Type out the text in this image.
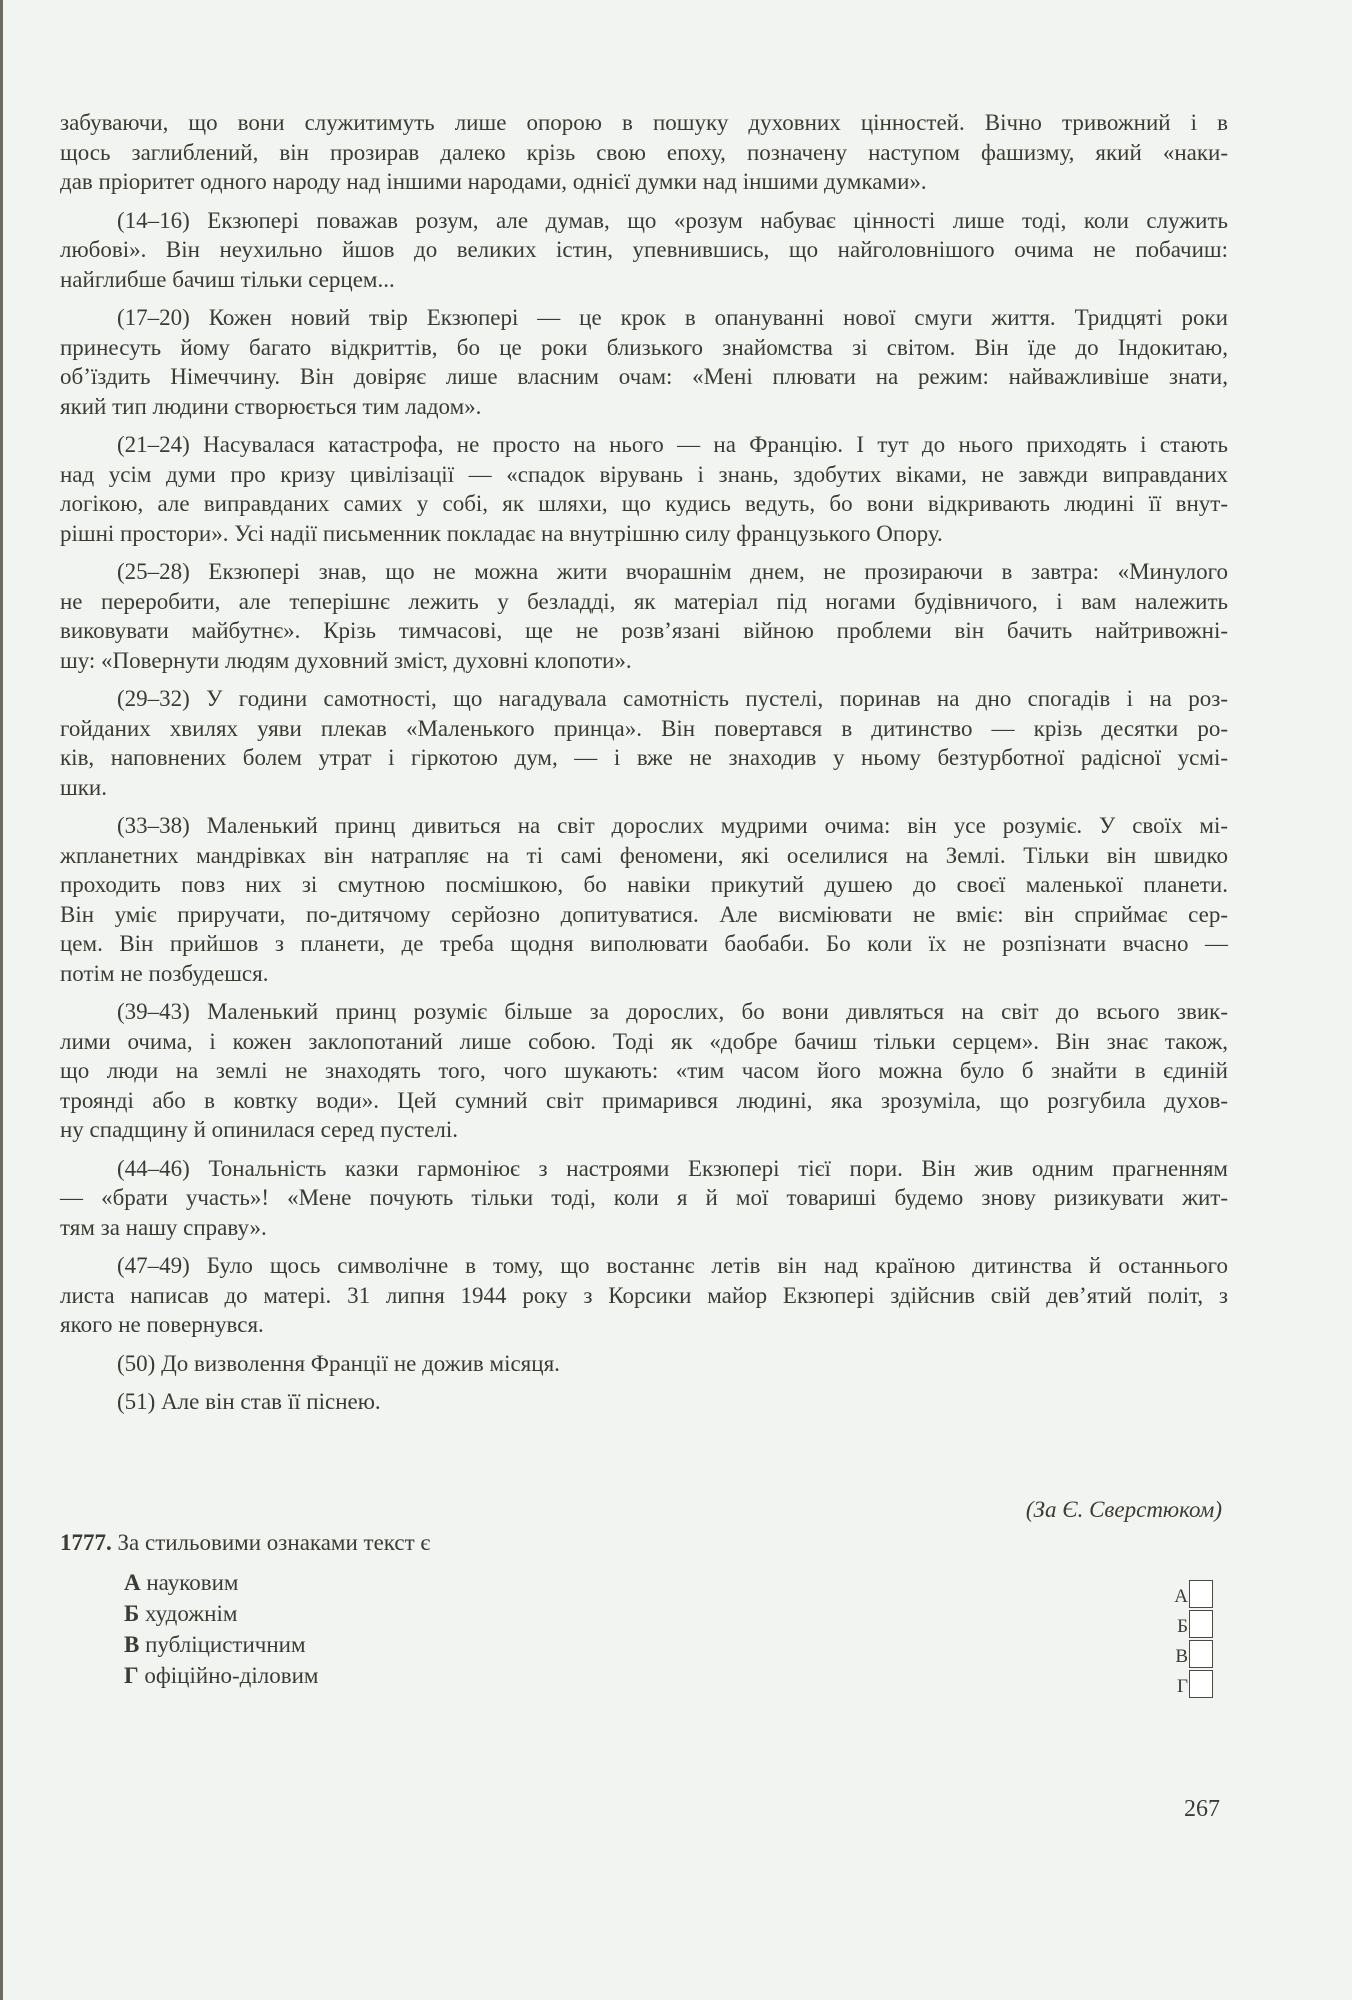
забуваючи, що вони служитимуть лише опорою в пошуку духовних цінностей. Вічно тривожний і в
щось заглиблений, він прозирав далеко крізь свою епоху, позначену наступом фашизму, який «наки-
дав пріоритет одного народу над іншими народами, однієї думки над іншими думками».
(14–16) Екзюпері поважав розум, але думав, що «розум набуває цінності лише тоді, коли служить
любові». Він неухильно йшов до великих істин, упевнившись, що найголовнішого очима не побачиш:
найглибше бачиш тільки серцем...
(17–20) Кожен новий твір Екзюпері — це крок в опануванні нової смуги життя. Тридцяті роки
принесуть йому багато відкриттів, бо це роки близького знайомства зі світом. Він їде до Індокитаю,
об’їздить Німеччину. Він довіряє лише власним очам: «Мені плювати на режим: найважливіше знати,
який тип людини створюється тим ладом».
(21–24) Насувалася катастрофа, не просто на нього — на Францію. І тут до нього приходять і стають
над усім думи про кризу цивілізації — «спадок вірувань і знань, здобутих віками, не завжди виправданих
логікою, але виправданих самих у собі, як шляхи, що кудись ведуть, бо вони відкривають людині її внут-
рішні простори». Усі надії письменник покладає на внутрішню силу французького Опору.
(25–28) Екзюпері знав, що не можна жити вчорашнім днем, не прозираючи в завтра: «Минулого
не переробити, але теперішнє лежить у безладді, як матеріал під ногами будівничого, і вам належить
виковувати майбутнє». Крізь тимчасові, ще не розв’язані війною проблеми він бачить найтривожні-
шу: «Повернути людям духовний зміст, духовні клопоти».
(29–32) У години самотності, що нагадувала самотність пустелі, поринав на дно спогадів і на роз-
гойданих хвилях уяви плекав «Маленького принца». Він повертався в дитинство — крізь десятки ро-
ків, наповнених болем утрат і гіркотою дум, — і вже не знаходив у ньому безтурботної радісної усмі-
шки.
(33–38) Маленький принц дивиться на світ дорослих мудрими очима: він усе розуміє. У своїх мі-
жпланетних мандрівках він натрапляє на ті самі феномени, які оселилися на Землі. Тільки він швидко
проходить повз них зі смутною посмішкою, бо навіки прикутий душею до своєї маленької планети.
Він уміє приручати, по-дитячому серйозно допитуватися. Але висміювати не вміє: він сприймає сер-
цем. Він прийшов з планети, де треба щодня виполювати баобаби. Бо коли їх не розпізнати вчасно —
потім не позбудешся.
(39–43) Маленький принц розуміє більше за дорослих, бо вони дивляться на світ до всього звик-
лими очима, і кожен заклопотаний лише собою. Тоді як «добре бачиш тільки серцем». Він знає також,
що люди на землі не знаходять того, чого шукають: «тим часом його можна було б знайти в єдиній
троянді або в ковтку води». Цей сумний світ примарився людині, яка зрозуміла, що розгубила духов-
ну спадщину й опинилася серед пустелі.
(44–46) Тональність казки гармоніює з настроями Екзюпері тієї пори. Він жив одним прагненням
— «брати участь»! «Мене почують тільки тоді, коли я й мої товариші будемо знову ризикувати жит-
тям за нашу справу».
(47–49) Було щось символічне в тому, що востаннє летів він над країною дитинства й останнього
листа написав до матері. 31 липня 1944 року з Корсики майор Екзюпері здійснив свій дев’ятий політ, з
якого не повернувся.
(50) До визволення Франції не дожив місяця.
(51) Але він став її піснею.
(За Є. Сверстюком)
1777. За стильовими ознаками текст є
А науковим
Б художнім
В публіцистичним
Г офіційно-діловим
А
Б
В
Г
267
